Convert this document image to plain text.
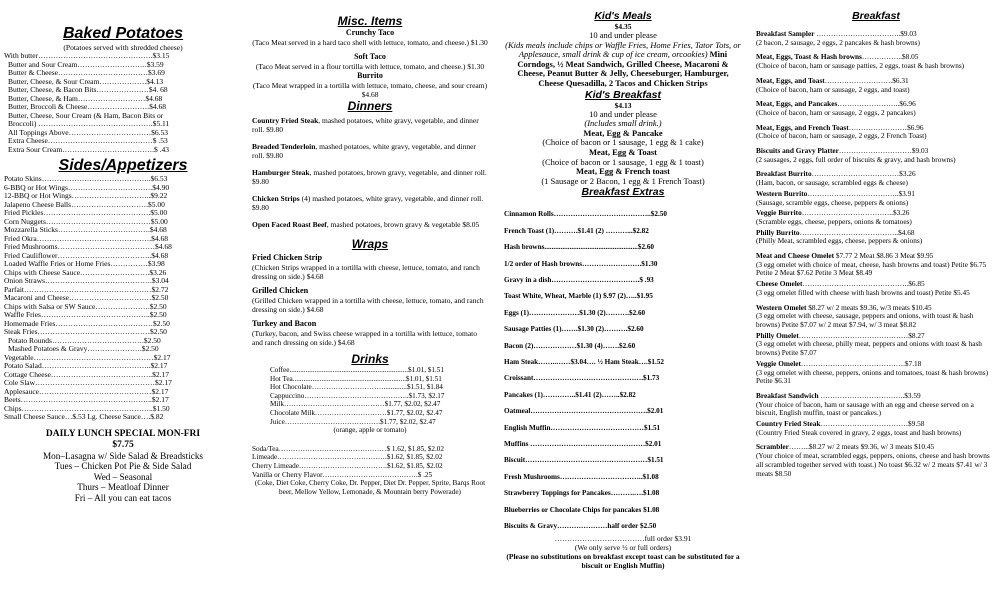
Baked Potatoes
(Potatoes served with shredded cheese)
With butter……………………………………….$3.15
Butter and Sour Cream……………………….$3.59
Butter & Cheese………………………………$3.69
Butter, Cheese, & Sour Cream……………….$4.13
Butter, Cheese, & Bacon Bits…………………$4. 68
Butter, Cheese, & Ham………………………$4.68
Butter, Broccoli & Cheese…………………….$4.68
Butter, Cheese, Sour Cream (& Ham, Bacon Bits or
Broccoli) ……………………………………….$5.11
All Toppings Above……………………………$6.53
Extra Cheese……………………………………$ .53
Extra Sour Cream……………………………….$ .43
Sides/Appetizers
Potato Skins……………………………………..$6.53
6-BBQ or Hot Wings…………………………….$4.90
12-BBQ or Hot Wings…………………………..$9.22
Jalapeno Cheese Balls………………………….$5.00
Fried Pickles…………………………………….$5.00
Corn Nuggets……………………………………$5.00
Mozzarella Sticks……………………………….$4.68
Fried Okra……………………………………….$4.68
Fried Mushrooms…………………………………$4.68
Fried Cauliflower………………………………..$4.68
Loaded Waffle Fries or Home Fries……………$3.98
Chips with Cheese Sauce……………………….$3.26
Onion Straws…………………………………….$3.04
Parfait……………………………………………$2.72
Macaroni and Cheese……………………………$2.50
Chips with Salsa or SW Sauce………………….$2.50
Waffle Fries……………………………………..$2.50
Homemade Fries…………………………………$2.50
Steak Fries………………………………………$2.50
Potato Rounds……………………………….$2.50
Mashed Potatoes & Gravy………………….$2.50
Vegetable…………………………………………$2.17
Potato Salad……………………………………..$2.17
Cottage Cheese…………………………………..$2.17
Cole Slaw…………………………………………$2.17
Applesauce………………………………………$2.17
Beets……………………………………………..$2.17
Chips……………………………………………..$1.50
Small Cheese Sauce…$.53 Lg. Cheese Sauce….$.82
DAILY LUNCH SPECIAL MON-FRI
$7.75
Mon–Lasagna w/ Side Salad & Breadsticks
Tues – Chicken Pot Pie & Side Salad
Wed – Seasonal
Thurs – Meatloaf Dinner
Fri – All you can eat tacos
Misc. Items
Crunchy Taco
(Taco Meat served in a hard taco shell with lettuce, tomato, and cheese.) $1.30
Soft Taco
(Taco Meat served in a flour tortilla with lettuce, tomato, and cheese.) $1.30
Burrito
(Taco Meat wrapped in a tortilla with lettuce, tomato, cheese, and sour cream) $4.68
Dinners
Country Fried Steak, mashed potatoes, white gravy, vegetable, and dinner roll. $9.80
Breaded Tenderloin, mashed potatoes, white gravy, vegetable, and dinner roll. $9.80
Hamburger Steak, mashed potatoes, brown gravy, vegetable, and dinner roll. $9.80
Chicken Strips (4) mashed potatoes, white gravy, vegetable, and dinner roll. $9.80
Open Faced Roast Beef, mashed potatoes, brown gravy & vegetable $8.05
Wraps
Fried Chicken Strip
(Chicken Strips wrapped in a tortilla with cheese, lettuce, tomato, and ranch dressing on side.) $4.68
Grilled Chicken
(Grilled Chicken wrapped in a tortilla with cheese, lettuce, tomato, and ranch dressing on side.) $4.68
Turkey and Bacon
(Turkey, bacon, and Swiss cheese wrapped in a tortilla with lettuce, tomato and ranch dressing on side.) $4.68
Drinks
Coffee..................................................................$1.01, $1.51
Hot Tea...............................................................$1.01, $1.51
Hot Chocolate………………………….............$1.51, $1.84
Cappuccino……………………………………..$1.73, $2.17
Milk……………………………………$1.77, $2.02, $2.47
Chocolate Milk…………………………$1.77, $2.02, $2.47
Juice………………………………….$1.77, $2.02, $2.47
(orange, apple or tomato)
Soda/Tea………………………………………$ 1.62, $1.85, $2.02
Limeade……………………………………….$1.62, $1.85, $2.02
Cherry Limeade……………………………….$1.62, $1.85, $2.02
Vanilla or Cherry Flavor………………………………….$ .25
(Coke, Diet Coke, Cherry Coke, Dr. Pepper, Diet Dr. Pepper, Sprite, Barqs Root beer, Mellow Yellow, Lemonade, & Mountain berry Powerade)
Kid's Meals
$4.35
10 and under please
(Kids meals include chips or Waffle Fries, Home Fries, Tator Tots, or Applesauce, small drink & cup of ice cream, orcookies) Mini Corndogs, ½ Meat Sandwich, Grilled Cheese, Macaroni & Cheese, Peanut Butter & Jelly, Cheeseburger, Hamburger, Cheese Quesadilla, 2 Tacos and Chicken Strips
Kid's Breakfast
$4.13
10 and under please
(Includes small drink.)
Meat, Egg & Pancake
(Choice of bacon or 1 sausage, 1 egg & 1 cake)
Meat, Egg & Toast
(Choice of bacon or 1 sausage, 1 egg & 1 toast)
Meat, Egg & French toast
(1 Sausage or 2 Bacon, 1 egg & 1 French Toast)
Breakfast Extras
Cinnamon Rolls…………………………………..$2.50
French Toast (1)……….$1.41 (2) ………...$2.82
Hash browns....................................................$2.60
1/2 order of Hash browns…………………….$1.30
Gravy in a dish……………………………….$ .93
Toast White, Wheat, Marble (1) $.97 (2)…..$1.95
Eggs (1)…………………$1.30 (2)……….$2.60
Sausage Patties (1)…….$1.30 (2)……….$2.60
Bacon (2)………………$1.30 (4)…….$2.60
Ham Steak……..……$3.04…. ½ Ham Steak….$1.52
Croissant……………………………………….$1.73
Pancakes (1)…………..$1.41 (2)……..$2.82
Oatmeal………………………………………….$2.01
English Muffin…………………………………$1.51
Muffins …………………………………………$2.01
Biscuit……………………………………………$1.51
Fresh Mushrooms……………………………..$1.08
Strawberry Toppings for Pancakes……….….$1.08
Blueberries or Chocolate Chips for pancakes $1.08
Biscuits & Gravy…………………half order $2.50
………………………………full order $3.91
(We only serve ½ or full orders)
(Please no substitutions on breakfast except toast can be substituted for a biscuit or English Muffin)
Breakfast
Breakfast Sampler ……………………………..$9.03
(2 bacon, 2 sausage, 2 eggs, 2 pancakes & hash browns)
Meat, Eggs, Toast & Hash browns……………..$8.05
(Choice of bacon, ham or sausage patties, 2 eggs, toast & hash browns)
Meat, Eggs, and Toast……………………….$6.31
(Choice of bacon, ham or sausage, 2 eggs, and toast)
Meat, Eggs, and Pancakes……………………..$6.96
(Choice of bacon, ham or sausage, 2 eggs, 2 pancakes)
Meat, Eggs, and French Toast……………………$6.96
(Choice of bacon, ham or sausage, 2 eggs, 2 French Toast)
Biscuits and Gravy Platter…………………………$9.03
(2 sausages, 2 eggs, full order of biscuits & gravy, and hash browns)
Breakfast Burrito………………………………$3.26
(Ham, bacon, or sausage, scrambled eggs & cheese)
Western Burrito………………………………..$3.91
(Sausage, scramble eggs, cheese, peppers & onions)
Veggie Burrito………………………………..$3.26
(Scramble eggs, cheese, peppers, onions & tomatoes)
Philly Burrito…………………………………..$4.68
(Philly Meat, scrambled eggs, cheese, peppers & onions)
Meat and Cheese Omelet $7.77 2 Meat $8.86 3 Meat $9.95
(3 egg omelet with choice of meat, cheese, hash browns and toast) Petite $6.75 Petite 2 Meat $7.62 Petite 3 Meat $8.49
Cheese Omelet……………………………………..$6.85
(3 egg omelet filled with cheese with hash browns and toast) Petite $5.45
Western Omelet $8.27 w/ 2 meats $9.36, w/3 meats $10.45
(3 egg omelet with cheese, sausage, peppers and onions, with toast & hash browns) Petite $7.07 w/ 2 meat $7.94, w/ 3 meat $8.82
Philly Omelet………………………………………$8.27
(3 egg omelet with cheese, philly meat, peppers and onions with toast & hash browns) Petite $7.07
Veggie Omelet…………………………………….$7.18
(3 egg omelet with cheese, peppers, onions and tomatoes, toast & hash browns) Petite $6.31
Breakfast Sandwich ……………………………..$3.59
(Your choice of bacon, ham or sausage with an egg and cheese served on a biscuit, English muffin, toast or pancakes.)
Country Fried Steak………………………………$9.58
(Country Fried Steak covered in gravy, 2 eggs, toast and hash browns)
Scrambler……...$8.27 w/ 2 meats $9.36, w/ 3 meats $10.45
(Your choice of meat, scrambled eggs, peppers, onions, cheese and hash browns all scrambled together served with toast.) No toast $6.32 w/ 2 meats $7.41 w/ 3 meats $8.50
